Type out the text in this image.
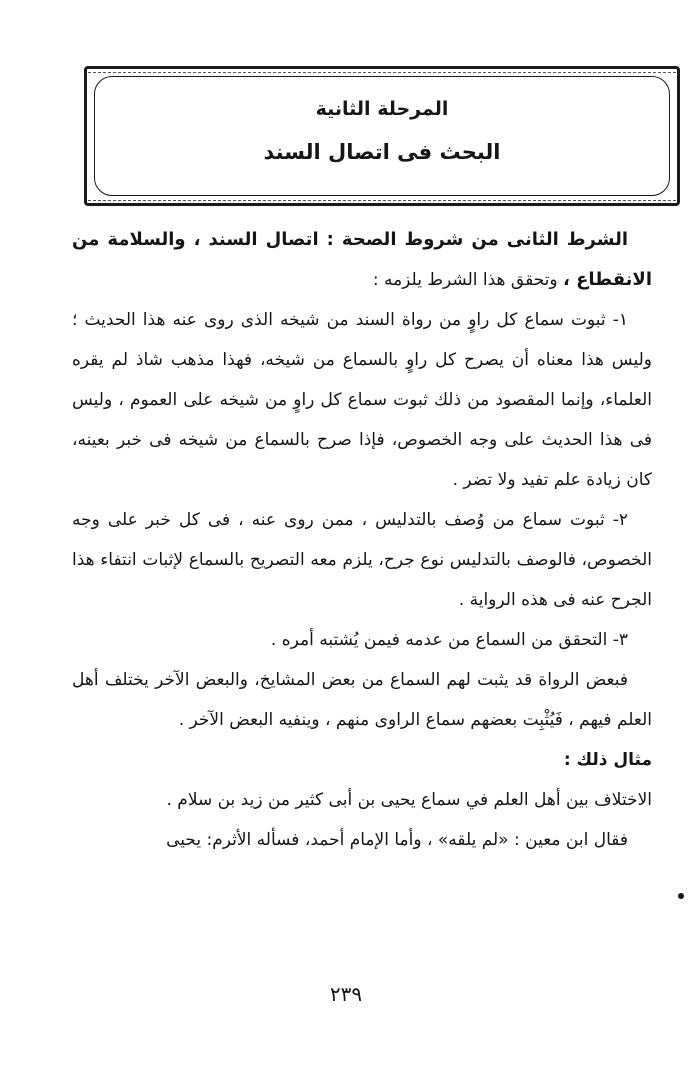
المرحلة الثانية
البحث فى اتصال السند

الشرط الثانى من شروط الصحة : اتصال السند ، والسلامة من الانقطاع ، وتحقق هذا الشرط يلزمه :

١- ثبوت سماع كل راوٍ من رواة السند من شيخه الذى روى عنه هذا الحديث ؛ وليس هذا معناه أن يصرح كل راوٍ بالسماع من شيخه، فهذا مذهب شاذ لم يقره العلماء، وإنما المقصود من ذلك ثبوت سماع كل راوٍ من شيخه على العموم ، وليس فى هذا الحديث على وجه الخصوص، فإذا صرح بالسماع من شيخه فى خبر بعينه، كان زيادة علم تفيد ولا تضر .

٢- ثبوت سماع من وُصف بالتدليس ، ممن روى عنه ، فى كل خبر على وجه الخصوص، فالوصف بالتدليس نوع جرح، يلزم معه التصريح بالسماع لإثبات انتفاء هذا الجرح عنه فى هذه الرواية .

٣- التحقق من السماع من عدمه فيمن يُشتبه أمره .

فبعض الرواة قد يثبت لهم السماع من بعض المشايخ، والبعض الآخر يختلف أهل العلم فيهم ، فَيُثْبِت بعضهم سماع الراوى منهم ، وينفيه البعض الآخر .

مثال ذلك :

الاختلاف بين أهل العلم في سماع يحيى بن أبى كثير من زيد بن سلام .

فقال ابن معين : «لم يلقه» ، وأما الإمام أحمد، فسأله الأثرم: يحيى

٢٣٩
